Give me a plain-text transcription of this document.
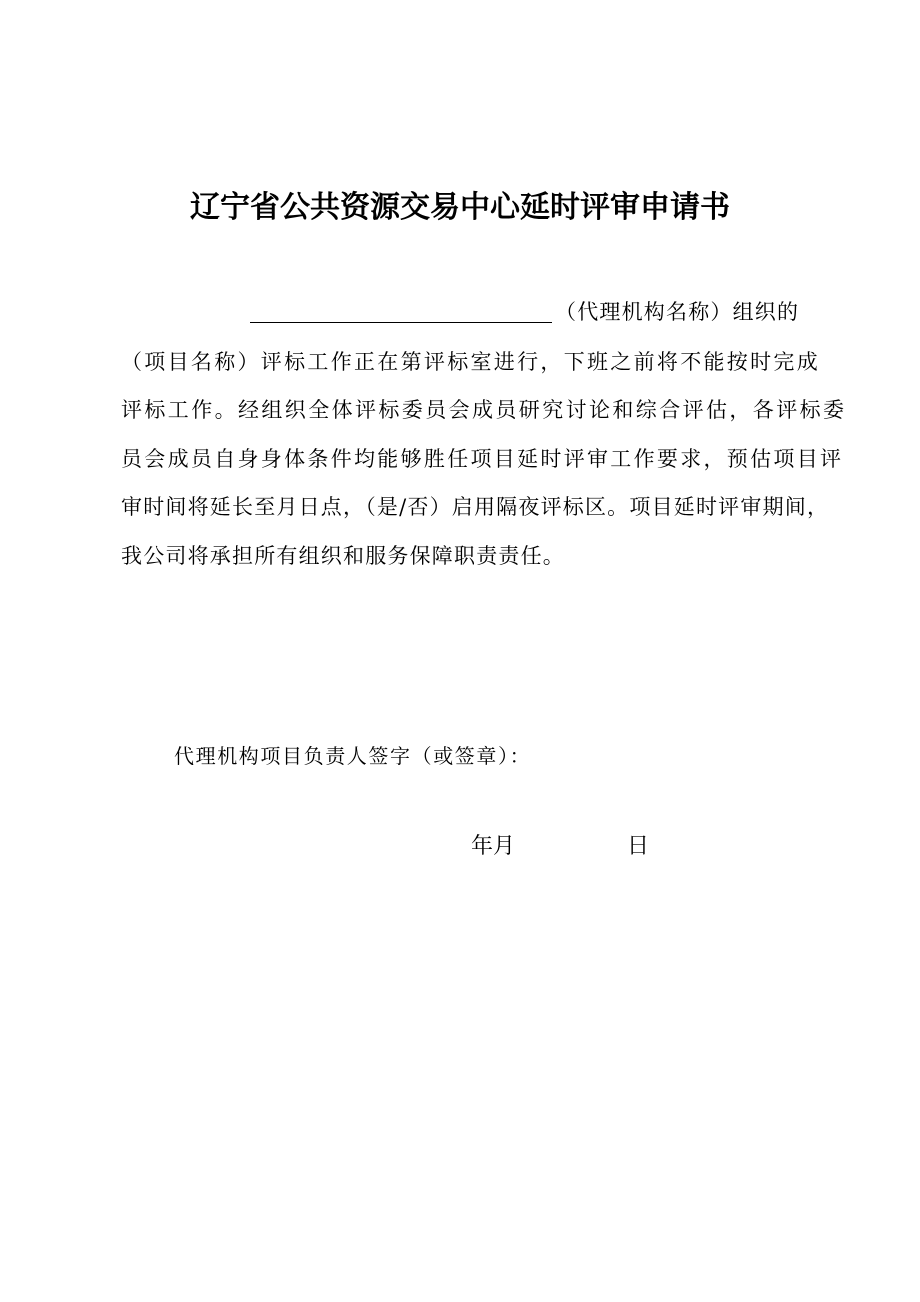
辽宁省公共资源交易中心延时评审申请书
（代理机构名称）组织的
（项目名称）评标工作正在第评标室进行，下班之前将不能按时完成
评标工作。经组织全体评标委员会成员研究讨论和综合评估，各评标委
员会成员自身身体条件均能够胜任项目延时评审工作要求，预估项目评
审时间将延长至月日点，（是/否）启用隔夜评标区。项目延时评审期间，
我公司将承担所有组织和服务保障职责责任。
代理机构项目负责人签字（或签章）：
年月	日
